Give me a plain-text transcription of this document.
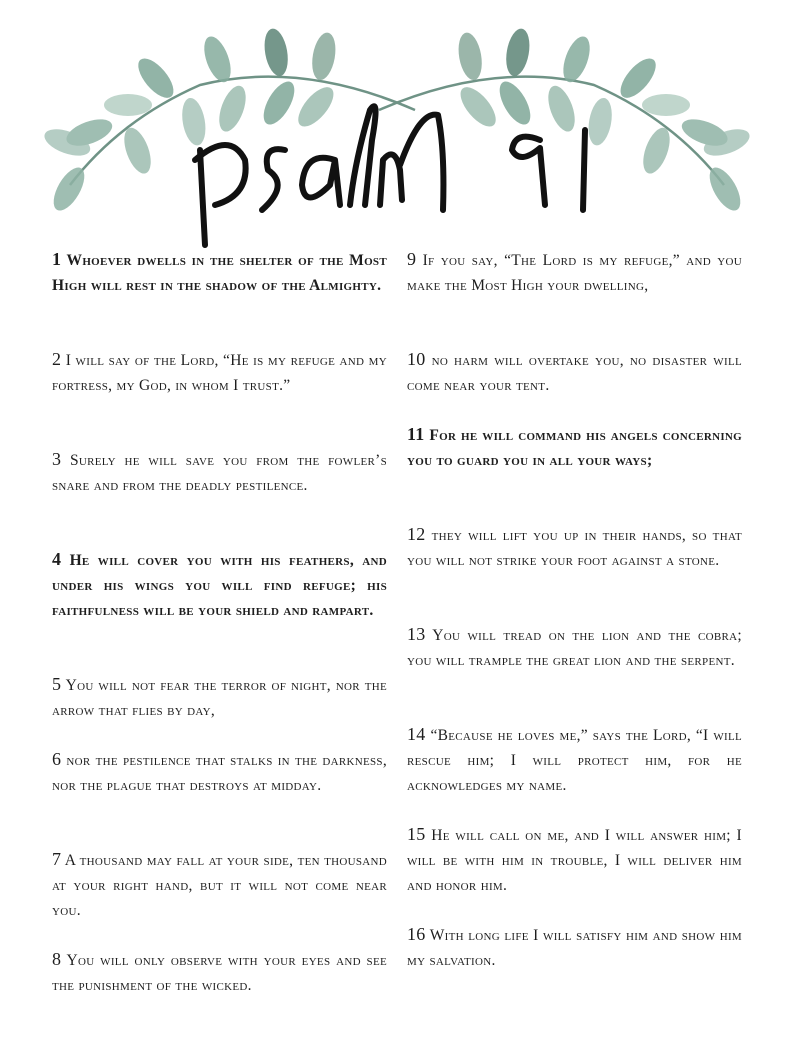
1 Whoever dwells in the shelter of the Most High will rest in the shadow of the Almighty.

2 I will say of the Lord, “He is my refuge and my fortress, my God, in whom I trust.”

3 Surely he will save you from the fowler’s snare and from the deadly pestilence.

4 He will cover you with his feathers, and under his wings you will find refuge; his faithfulness will be your shield and rampart.

5 You will not fear the terror of night, nor the arrow that flies by day,

6 nor the pestilence that stalks in the darkness, nor the plague that destroys at midday.

7 A thousand may fall at your side, ten thousand at your right hand, but it will not come near you.

8 You will only observe with your eyes and see the punishment of the wicked.

9 If you say, “The Lord is my refuge,” and you make the Most High your dwelling,

10 no harm will overtake you, no disaster will come near your tent.

11 For he will command his angels concerning you to guard you in all your ways;

12 they will lift you up in their hands, so that you will not strike your foot against a stone.

13 You will tread on the lion and the cobra; you will trample the great lion and the serpent.

14 “Because he loves me,” says the Lord, “I will rescue him; I will protect him, for he acknowledges my name.

15 He will call on me, and I will answer him; I will be with him in trouble, I will deliver him and honor him.

16 With long life I will satisfy him and show him my salvation.
